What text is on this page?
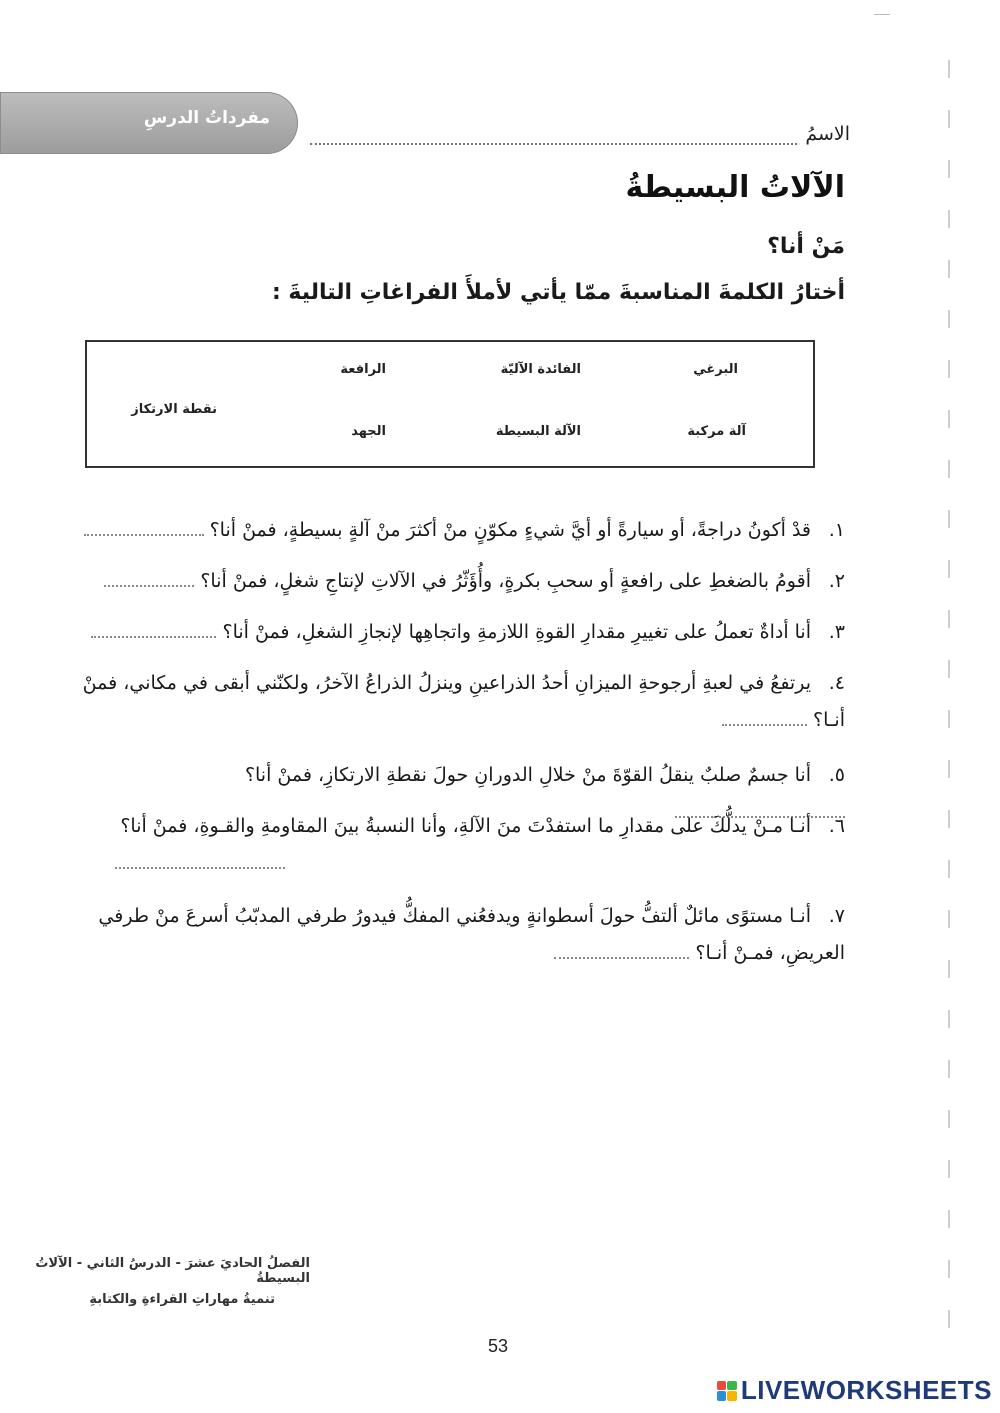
مفرداتُ الدرسِ
الاسمُ
الآلاتُ البسيطةُ
مَنْ أنا؟
أختارُ الكلمةَ المناسبةَ ممّا يأتي لأملأَ الفراغاتِ التاليةَ :
البرغي
الفائدة الآليّة
الرافعة
آلة مركبة
الآلة البسيطة
الجهد
نقطة الارتكاز
١.قدْ أكونُ دراجةً، أو سيارةً أو أيَّ شيءٍ مكوّنٍ منْ أكثرَ منْ آلةٍ بسيطةٍ، فمنْ أنا؟
٢.أقومُ بالضغطِ على رافعةٍ أو سحبِ بكرةٍ، وأُؤَثّرُ في الآلاتِ لإنتاجِ شغلٍ، فمنْ أنا؟
٣.أنا أداةٌ تعملُ على تغييرِ مقدارِ القوةِ اللازمةِ واتجاهِها لإنجازِ الشغلِ، فمنْ أنا؟
٤.يرتفعُ في لعبةِ أرجوحةِ الميزانِ أحدُ الذراعينِ وينزلُ الذراعُ الآخرُ، ولكنّني أبقى في مكاني، فمنْ أنـا؟
٥.أنا جسمٌ صلبٌ ينقلُ القوّةَ منْ خلالِ الدورانِ حولَ نقطةِ الارتكازِ، فمنْ أنا؟
٦.أنـا مـنْ يدلُّكَ على مقدارِ ما استفدْتَ منَ الآلةِ، وأنا النسبةُ بينَ المقاومةِ والقـوةِ، فمنْ أنا؟

٧.أنـا مستوًى مائلٌ ألتفُّ حولَ أسطوانةٍ ويدفعُني المفكُّ فيدورُ طرفي المدبّبُ أسرعَ منْ طرفي العريضِ، فمـنْ أنـا؟
الفصلُ الحاديَ عشرَ - الدرسُ الثاني - الآلاتُ البسيطةُ
تنميةُ مهاراتِ القراءةِ والكتابةِ
53
LIVEWORKSHEETS
